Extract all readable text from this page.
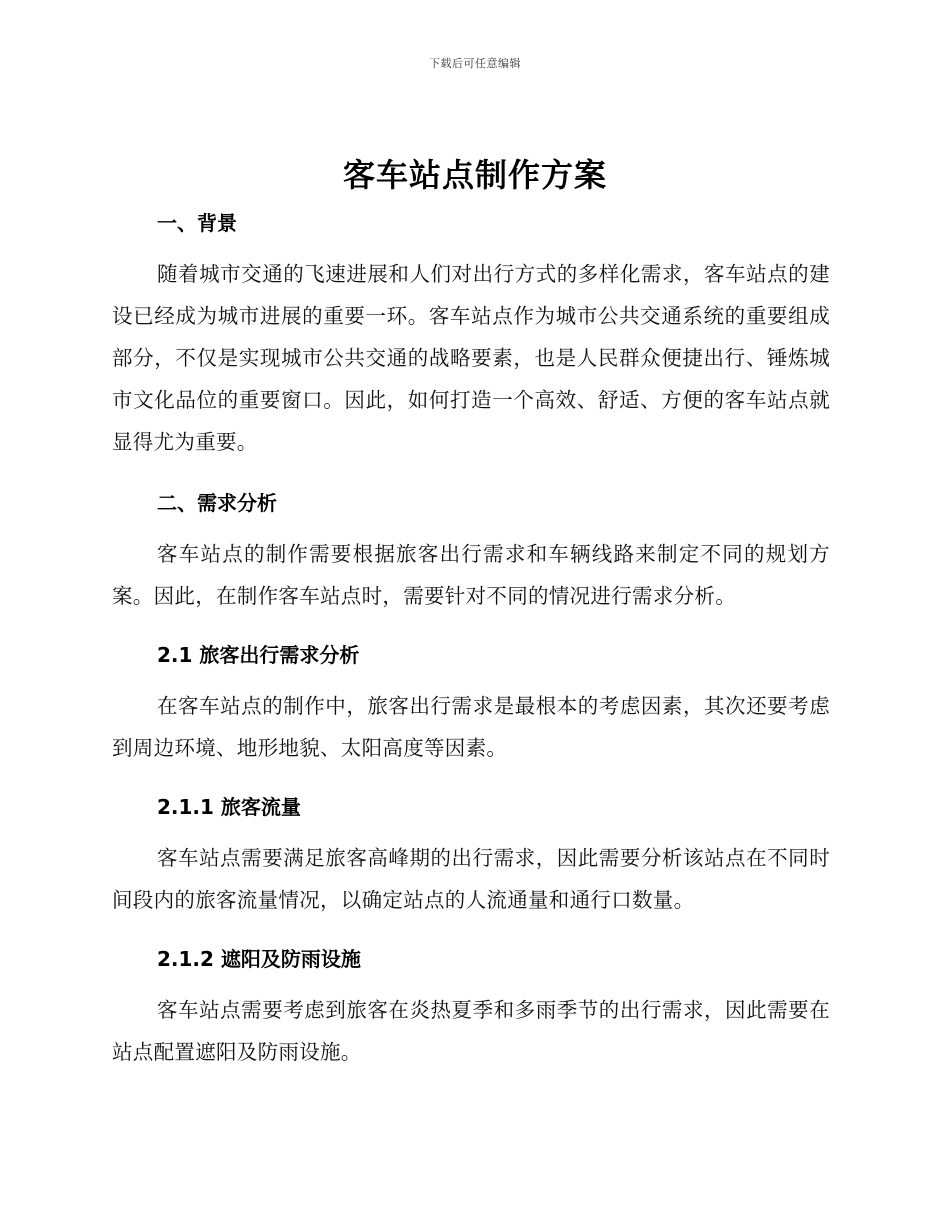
下载后可任意编辑
客车站点制作方案
一、背景
随着城市交通的飞速进展和人们对出行方式的多样化需求，客车站点的建设已经成为城市进展的重要一环。客车站点作为城市公共交通系统的重要组成部分，不仅是实现城市公共交通的战略要素，也是人民群众便捷出行、锤炼城市文化品位的重要窗口。因此，如何打造一个高效、舒适、方便的客车站点就显得尤为重要。
二、需求分析
客车站点的制作需要根据旅客出行需求和车辆线路来制定不同的规划方案。因此，在制作客车站点时，需要针对不同的情况进行需求分析。
2.1 旅客出行需求分析
在客车站点的制作中，旅客出行需求是最根本的考虑因素，其次还要考虑到周边环境、地形地貌、太阳高度等因素。
2.1.1 旅客流量
客车站点需要满足旅客高峰期的出行需求，因此需要分析该站点在不同时间段内的旅客流量情况，以确定站点的人流通量和通行口数量。
2.1.2 遮阳及防雨设施
客车站点需要考虑到旅客在炎热夏季和多雨季节的出行需求，因此需要在站点配置遮阳及防雨设施。
